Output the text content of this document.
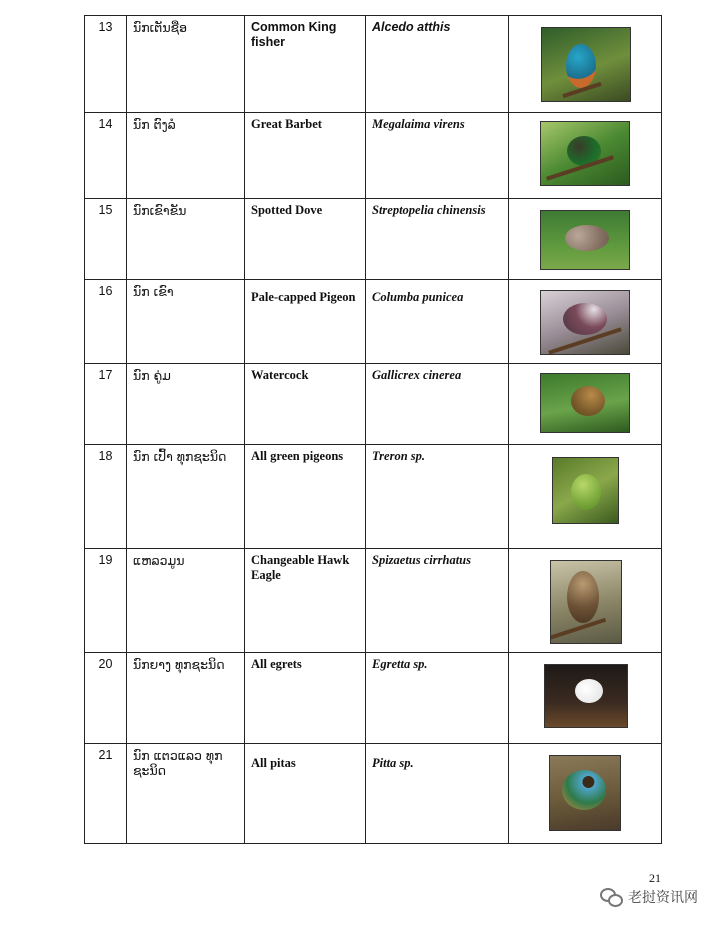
13	ນົກເຕັນຊືອ	Common King fisher	Alcedo atthis	

14	ນົກ ຕົງລໍ	Great Barbet	Megalaima virens	

15	ນົກເຂົາຂັນ	Spotted Dove	Streptopelia chinensis	

16	ນົກ ເຂົາ	Pale-capped Pigeon	Columba punicea	

17	ນົກ ຄູ່ມ	Watercock	Gallicrex cinerea	

18	ນົກ ເປົ້າ ທຸກຊະນິດ	All green pigeons	Treron sp.	

19	ແຫລວມູນ	Changeable Hawk Eagle	Spizaetus cirrhatus	

20	ນົກຍາງ ທຸກຊະນິດ	All egrets	Egretta sp.	

21	ນົກ ແຕວແລວ ທຸກ ຊະນິດ	All pitas	Pitta sp.	
21
老挝资讯网
